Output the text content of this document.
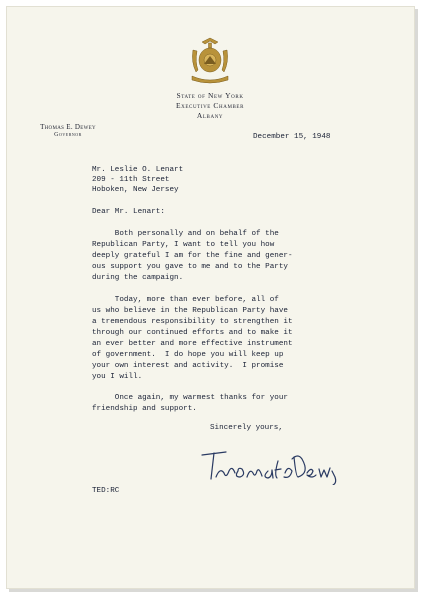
State of New York
Executive Chamber
Albany
Thomas E. Dewey
Governor	December 15, 1948
Mr. Leslie O. Lenart
209 - 11th Street
Hoboken, New Jersey
Dear Mr. Lenart:
Both personally and on behalf of the
Republican Party, I want to tell you how
deeply grateful I am for the fine and gener-
ous support you gave to me and to the Party
during the campaign.
Today, more than ever before, all of
us who believe in the Republican Party have
a tremendous responsibility to strengthen it
through our continued efforts and to make it
an ever better and more effective instrument
of government.  I do hope you will keep up
your own interest and activity.  I promise
you I will.
Once again, my warmest thanks for your
friendship and support.
Sincerely yours,
TED:RC
